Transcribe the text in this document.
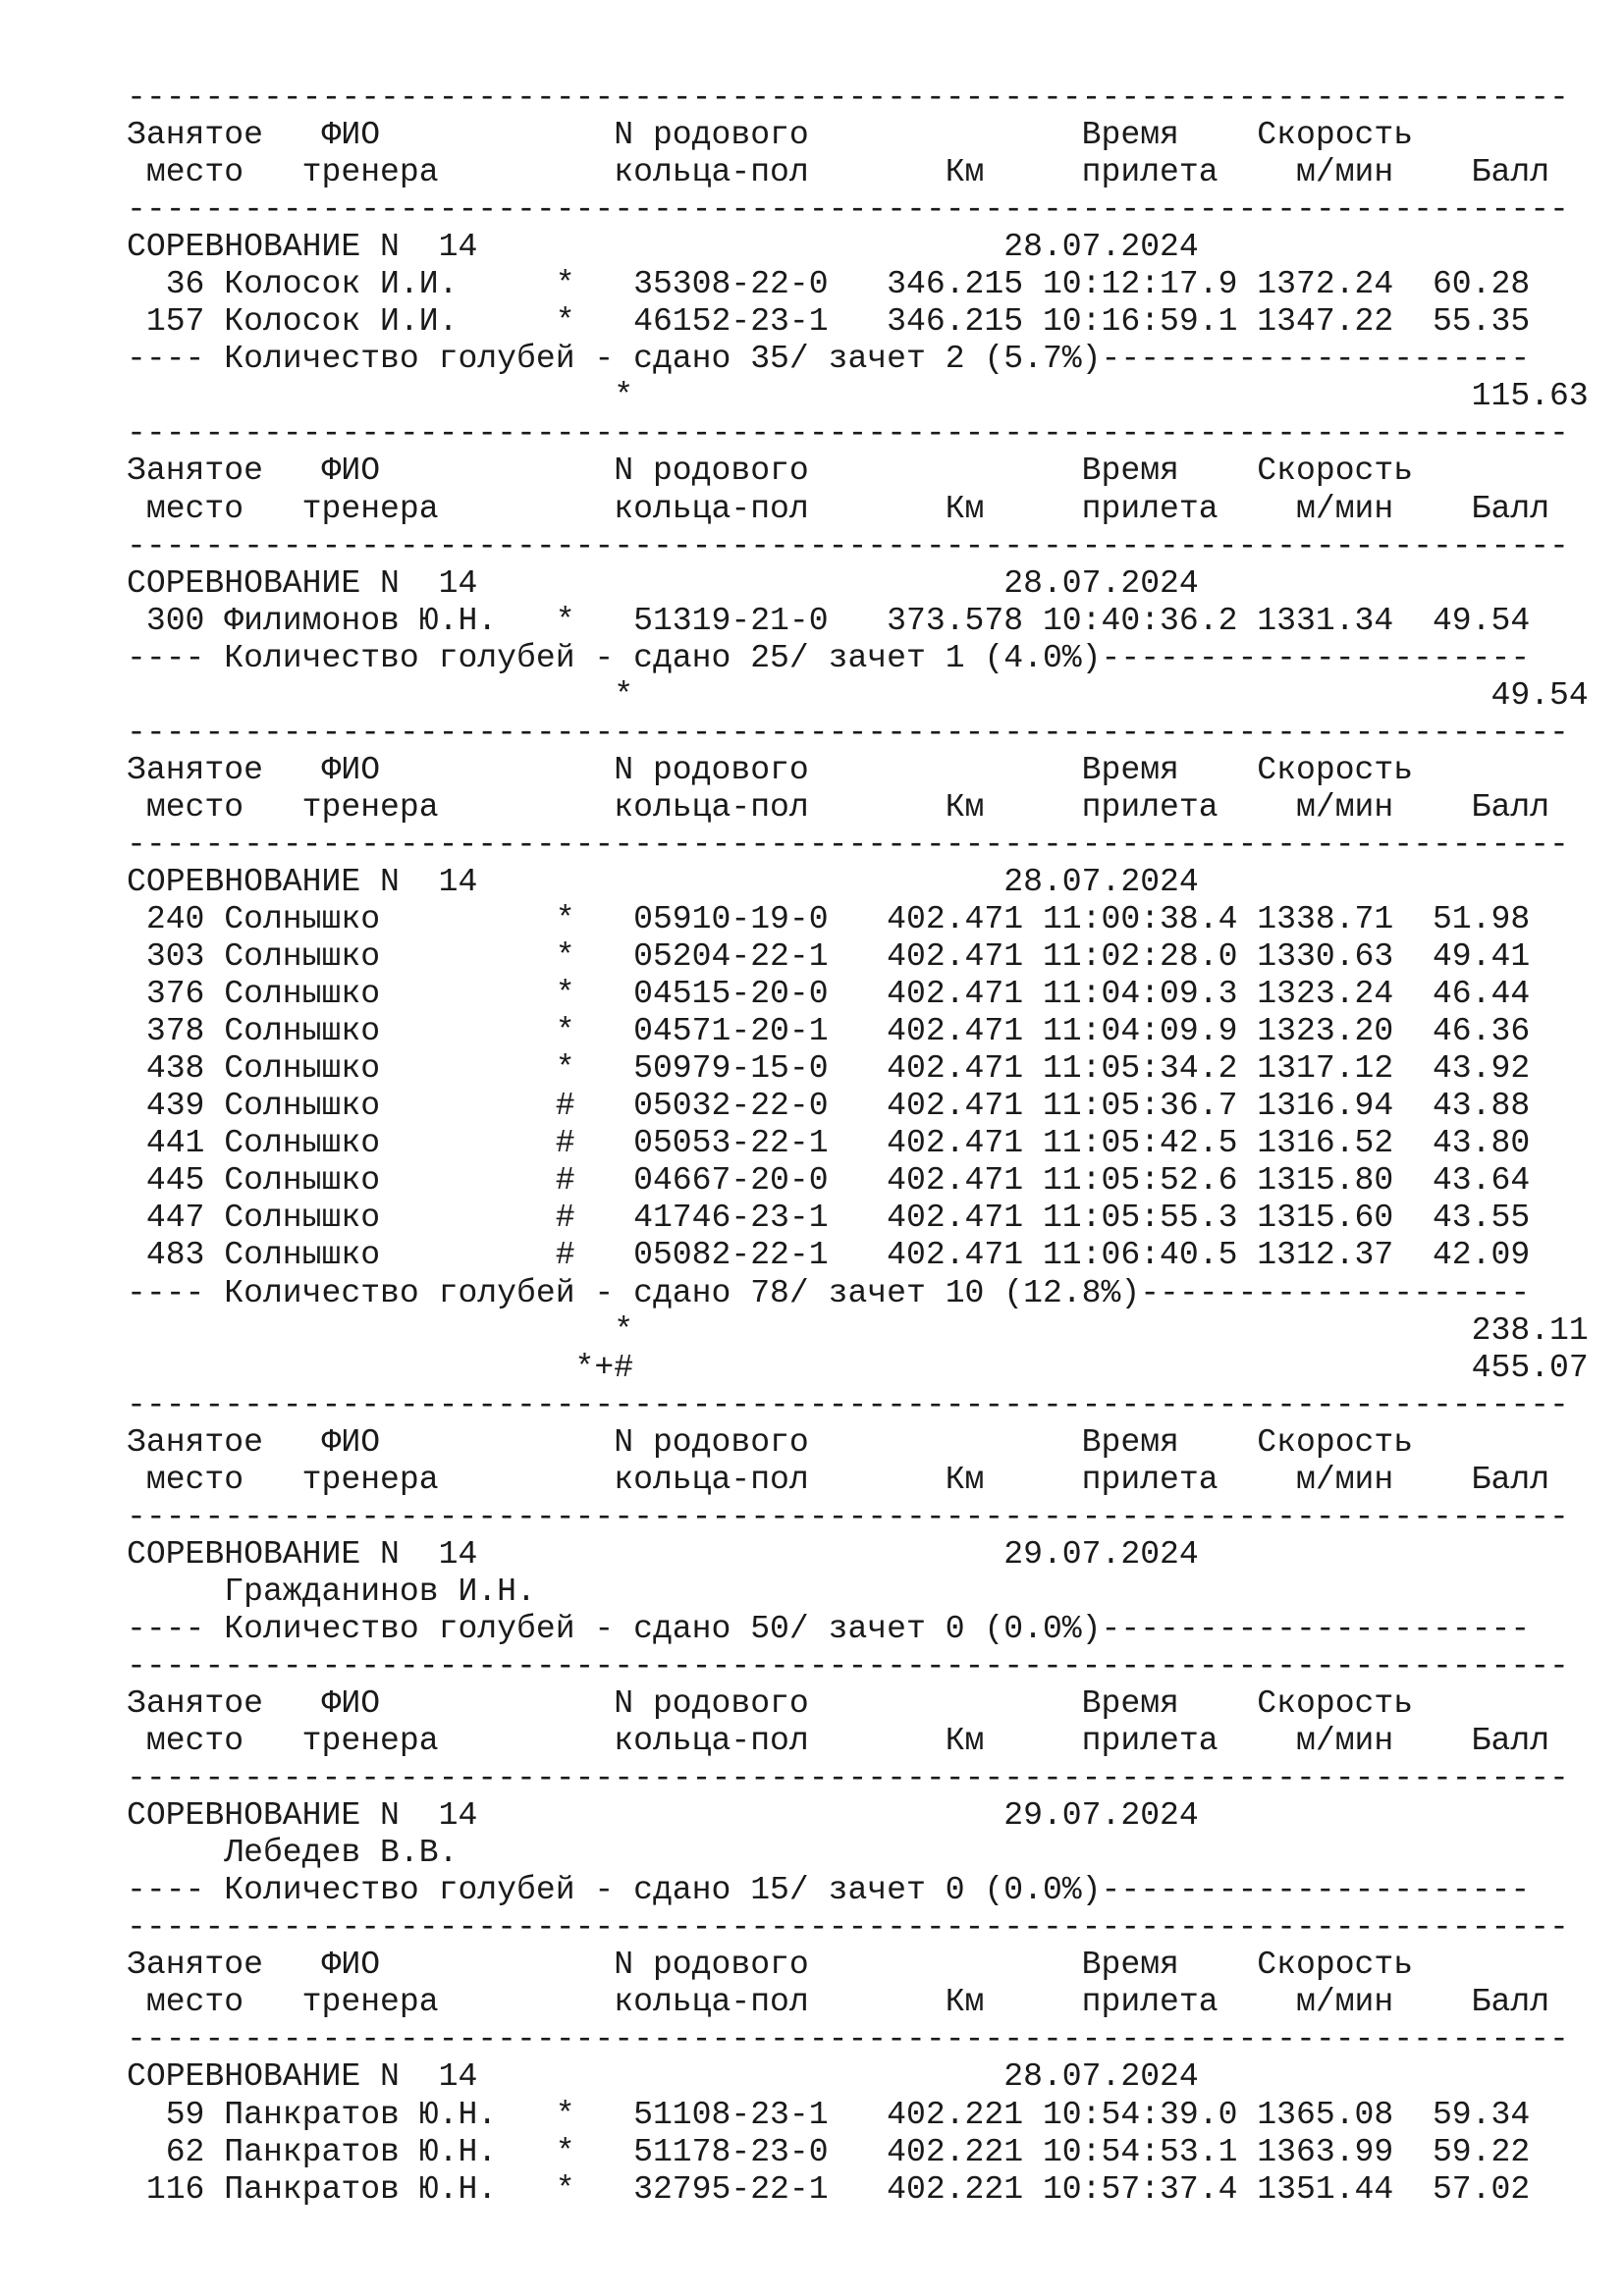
--------------------------------------------------------------------------
Занятое   ФИО            N родового              Время    Скорость
место   тренера         кольца-пол       Км     прилета    м/мин    Балл
--------------------------------------------------------------------------
СОРЕВНОВАНИЕ N  14                           28.07.2024
36 Колосок И.И.     *   35308-22-0   346.215 10:12:17.9 1372.24  60.28
157 Колосок И.И.     *   46152-23-1   346.215 10:16:59.1 1347.22  55.35
---- Количество голубей - сдано 35/ зачет 2 (5.7%)----------------------
*                                           115.63
--------------------------------------------------------------------------
Занятое   ФИО            N родового              Время    Скорость
место   тренера         кольца-пол       Км     прилета    м/мин    Балл
--------------------------------------------------------------------------
СОРЕВНОВАНИЕ N  14                           28.07.2024
300 Филимонов Ю.Н.   *   51319-21-0   373.578 10:40:36.2 1331.34  49.54
---- Количество голубей - сдано 25/ зачет 1 (4.0%)----------------------
*                                            49.54
--------------------------------------------------------------------------
Занятое   ФИО            N родового              Время    Скорость
место   тренера         кольца-пол       Км     прилета    м/мин    Балл
--------------------------------------------------------------------------
СОРЕВНОВАНИЕ N  14                           28.07.2024
240 Солнышко         *   05910-19-0   402.471 11:00:38.4 1338.71  51.98
303 Солнышко         *   05204-22-1   402.471 11:02:28.0 1330.63  49.41
376 Солнышко         *   04515-20-0   402.471 11:04:09.3 1323.24  46.44
378 Солнышко         *   04571-20-1   402.471 11:04:09.9 1323.20  46.36
438 Солнышко         *   50979-15-0   402.471 11:05:34.2 1317.12  43.92
439 Солнышко         #   05032-22-0   402.471 11:05:36.7 1316.94  43.88
441 Солнышко         #   05053-22-1   402.471 11:05:42.5 1316.52  43.80
445 Солнышко         #   04667-20-0   402.471 11:05:52.6 1315.80  43.64
447 Солнышко         #   41746-23-1   402.471 11:05:55.3 1315.60  43.55
483 Солнышко         #   05082-22-1   402.471 11:06:40.5 1312.37  42.09
---- Количество голубей - сдано 78/ зачет 10 (12.8%)--------------------
*                                           238.11
*+#                                           455.07
--------------------------------------------------------------------------
Занятое   ФИО            N родового              Время    Скорость
место   тренера         кольца-пол       Км     прилета    м/мин    Балл
--------------------------------------------------------------------------
СОРЕВНОВАНИЕ N  14                           29.07.2024
Гражданинов И.Н.
---- Количество голубей - сдано 50/ зачет 0 (0.0%)----------------------
--------------------------------------------------------------------------
Занятое   ФИО            N родового              Время    Скорость
место   тренера         кольца-пол       Км     прилета    м/мин    Балл
--------------------------------------------------------------------------
СОРЕВНОВАНИЕ N  14                           29.07.2024
Лебедев В.В.
---- Количество голубей - сдано 15/ зачет 0 (0.0%)----------------------
--------------------------------------------------------------------------
Занятое   ФИО            N родового              Время    Скорость
место   тренера         кольца-пол       Км     прилета    м/мин    Балл
--------------------------------------------------------------------------
СОРЕВНОВАНИЕ N  14                           28.07.2024
59 Панкратов Ю.Н.   *   51108-23-1   402.221 10:54:39.0 1365.08  59.34
62 Панкратов Ю.Н.   *   51178-23-0   402.221 10:54:53.1 1363.99  59.22
116 Панкратов Ю.Н.   *   32795-22-1   402.221 10:57:37.4 1351.44  57.02
